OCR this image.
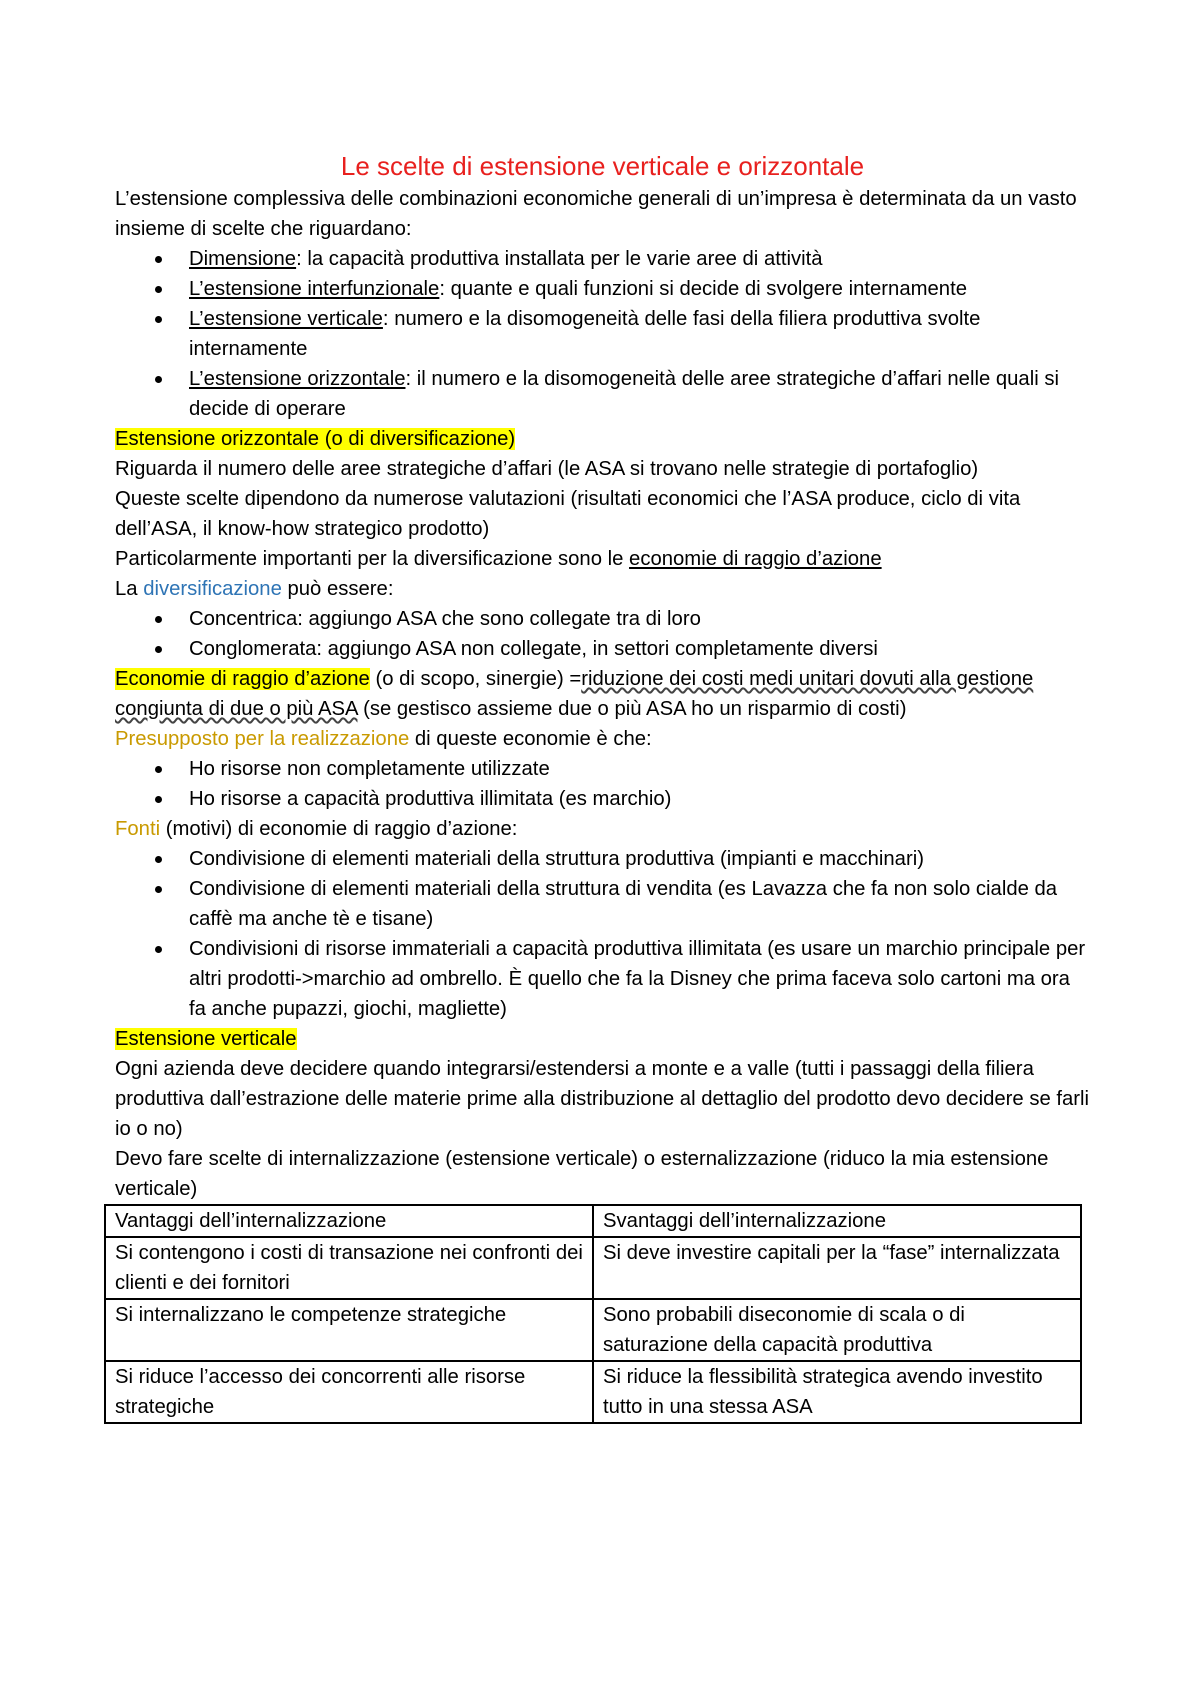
Le scelte di estensione verticale e orizzontale

L’estensione complessiva delle combinazioni economiche generali di un’impresa è determinata da un vasto insieme di scelte che riguardano:

Dimensione: la capacità produttiva installata per le varie aree di attività
L’estensione interfunzionale: quante e quali funzioni si decide di svolgere internamente
L’estensione verticale: numero e la disomogeneità delle fasi della filiera produttiva svolte internamente
L’estensione orizzontale: il numero e la disomogeneità delle aree strategiche d’affari nelle quali si decide di operare

Estensione orizzontale (o di diversificazione)

Riguarda il numero delle aree strategiche d’affari (le ASA si trovano nelle strategie di portafoglio)

Queste scelte dipendono da numerose valutazioni (risultati economici che l’ASA produce, ciclo di vita dell’ASA, il know-how strategico prodotto)

Particolarmente importanti per la diversificazione sono le economie di raggio d’azione

La diversificazione può essere:

Concentrica: aggiungo ASA che sono collegate tra di loro
Conglomerata: aggiungo ASA non collegate, in settori completamente diversi

Economie di raggio d’azione (o di scopo, sinergie) =riduzione dei costi medi unitari dovuti alla gestione congiunta di due o più ASA (se gestisco assieme due o più ASA ho un risparmio di costi)

Presupposto per la realizzazione di queste economie è che:

Ho risorse non completamente utilizzate
Ho risorse a capacità produttiva illimitata (es marchio)

Fonti (motivi) di economie di raggio d’azione:

Condivisione di elementi materiali della struttura produttiva (impianti e macchinari)
Condivisione di elementi materiali della struttura di vendita (es Lavazza che fa non solo cialde da caffè ma anche tè e tisane)
Condivisioni di risorse immateriali a capacità produttiva illimitata (es usare un marchio principale per altri prodotti->marchio ad ombrello. È quello che fa la Disney che prima faceva solo cartoni ma ora fa anche pupazzi, giochi, magliette)

Estensione verticale

Ogni azienda deve decidere quando integrarsi/estendersi a monte e a valle (tutti i passaggi della filiera produttiva dall’estrazione delle materie prime alla distribuzione al dettaglio del prodotto devo decidere se farli io o no)

Devo fare scelte di internalizzazione (estensione verticale) o esternalizzazione (riduco la mia estensione verticale)

Vantaggi dell’internalizzazione	Svantaggi dell’internalizzazione
Si contengono i costi di transazione nei confronti dei clienti e dei fornitori	Si deve investire capitali per la “fase” internalizzata
Si internalizzano le competenze strategiche	Sono probabili diseconomie di scala o di saturazione della capacità produttiva
Si riduce l’accesso dei concorrenti alle risorse strategiche	Si riduce la flessibilità strategica avendo investito tutto in una stessa ASA
